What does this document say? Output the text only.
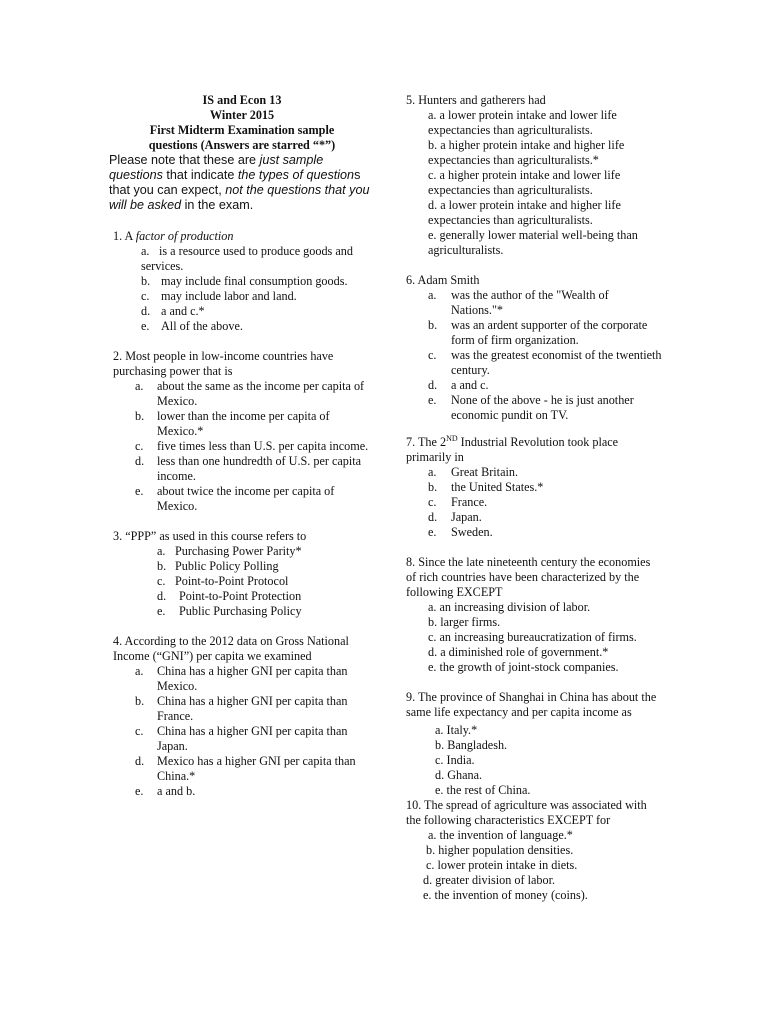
IS and Econ 13
Winter 2015
First Midterm Examination sample
questions (Answers are starred “*”)
Please note that these are just sample questions that indicate the types of questions that you can expect, not the questions that you will be asked in the exam.
1. A factor of production
a. is a resource used to produce goods and services.
b. may include final consumption goods.
c. may include labor and land.
d. a and c.*
e. All of the above.
2. Most people in low-income countries have purchasing power that is
a. about the same as the income per capita of Mexico.
b. lower than the income per capita of Mexico.*
c. five times less than U.S. per capita income.
d. less than one hundredth of U.S. per capita income.
e. about twice the income per capita of Mexico.
3. “PPP” as used in this course refers to
a. Purchasing Power Parity*
b. Public Policy Polling
c. Point-to-Point Protocol
d. Point-to-Point Protection
e. Public Purchasing Policy
4. According to the 2012 data on Gross National Income (“GNI”) per capita we examined
a. China has a higher GNI per capita than Mexico.
b. China has a higher GNI per capita than France.
c. China has a higher GNI per capita than Japan.
d. Mexico has a higher GNI per capita than China.*
e. a and b.
5. Hunters and gatherers had
a. a lower protein intake and lower life expectancies than agriculturalists.
b. a higher protein intake and higher life expectancies than agriculturalists.*
c. a higher protein intake and lower life expectancies than agriculturalists.
d. a lower protein intake and higher life expectancies than agriculturalists.
e. generally lower material well-being than agriculturalists.
6. Adam Smith
a. was the author of the "Wealth of Nations."*
b. was an ardent supporter of the corporate form of firm organization.
c. was the greatest economist of the twentieth century.
d. a and c.
e. None of the above - he is just another economic pundit on TV.
7. The 2ND Industrial Revolution took place primarily in
a. Great Britain.
b. the United States.*
c. France.
d. Japan.
e. Sweden.
8. Since the late nineteenth century the economies of rich countries have been characterized by the following EXCEPT
a. an increasing division of labor.
b. larger firms.
c. an increasing bureaucratization of firms.
d. a diminished role of government.*
e. the growth of joint-stock companies.
9. The province of Shanghai in China has about the same life expectancy and per capita income as
a. Italy.*
b. Bangladesh.
c. India.
d. Ghana.
e. the rest of China.
10. The spread of agriculture was associated with the following characteristics EXCEPT for
a. the invention of language.*
b. higher population densities.
c. lower protein intake in diets.
d. greater division of labor.
e. the invention of money (coins).
